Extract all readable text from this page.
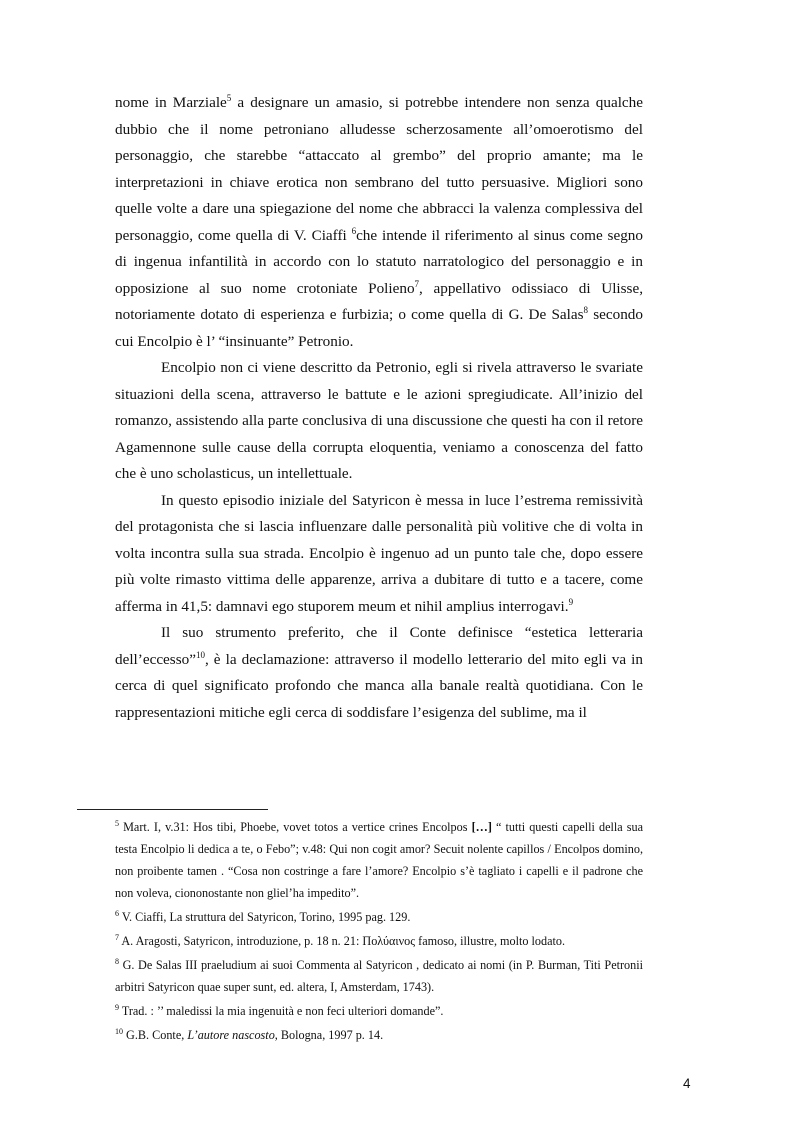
nome in Marziale$^5$ a designare un amasio, si potrebbe intendere non senza qualche dubbio che il nome petroniano alludesse scherzosamente all’omoerotismo del personaggio, che starebbe “attaccato al grembo” del proprio amante; ma le interpretazioni in chiave erotica non sembrano del tutto persuasive. Migliori sono quelle volte a dare una spiegazione del nome che abbracci la valenza complessiva del personaggio, come quella di V. Ciaffi $^6$che intende il riferimento al sinus come segno di ingenua infantilità in accordo con lo statuto narratologico del personaggio e in opposizione al suo nome crotoniate Polieno$^7$, appellativo odissiaco di Ulisse, notoriamente dotato di esperienza e furbizia; o come quella di G. De Salas$^8$ secondo cui Encolpio è l’ “insinuante” Petronio.

Encolpio non ci viene descritto da Petronio, egli si rivela attraverso le svariate situazioni della scena, attraverso le battute e le azioni spregiudicate. All’inizio del romanzo, assistendo alla parte conclusiva di una discussione che questi ha con il retore Agamennone sulle cause della corrupta eloquentia, veniamo a conoscenza del fatto che è uno scholasticus, un intellettuale.

In questo episodio iniziale del Satyricon è messa in luce l’estrema remissività del protagonista che si lascia influenzare dalle personalità più volitive che di volta in volta incontra sulla sua strada. Encolpio è ingenuo ad un punto tale che, dopo essere più volte rimasto vittima delle apparenze, arriva a dubitare di tutto e a tacere, come afferma in 41,5: damnavi ego stuporem meum et nihil amplius interrogavi.$^9$

Il suo strumento preferito, che il Conte definisce “estetica letteraria dell’eccesso”$^{10}$, è la declamazione: attraverso il modello letterario del mito egli va in cerca di quel significato profondo che manca alla banale realtà quotidiana. Con le rappresentazioni mitiche egli cerca di soddisfare l’esigenza del sublime, ma il

$^5$ Mart. I, v.31: Hos tibi, Phoebe, vovet totos a vertice crines Encolpos […] “ tutti questi capelli della sua testa Encolpio li dedica a te, o Febo”; v.48: Qui non cogit amor? Secuit nolente capillos / Encolpos domino, non proibente tamen . “Cosa non costringe a fare l’amore? Encolpio s’è tagliato i capelli e il padrone che non voleva, ciononostante non glielʼha impedito”.

$^6$ V. Ciaffi, La struttura del Satyricon, Torino, 1995 pag. 129.

$^7$ A. Aragosti, Satyricon, introduzione, p. 18 n. 21: Πολύαινος famoso, illustre, molto lodato.

$^8$ G. De Salas III praeludium ai suoi Commenta al Satyricon , dedicato ai nomi (in P. Burman, Titi Petronii arbitri Satyricon quae super sunt, ed. altera, I, Amsterdam, 1743).

$^9$ Trad. : ’’ maledissi la mia ingenuità e non feci ulteriori domande”.

$^{10}$ G.B. Conte, L’autore nascosto, Bologna, 1997 p. 14.

4
